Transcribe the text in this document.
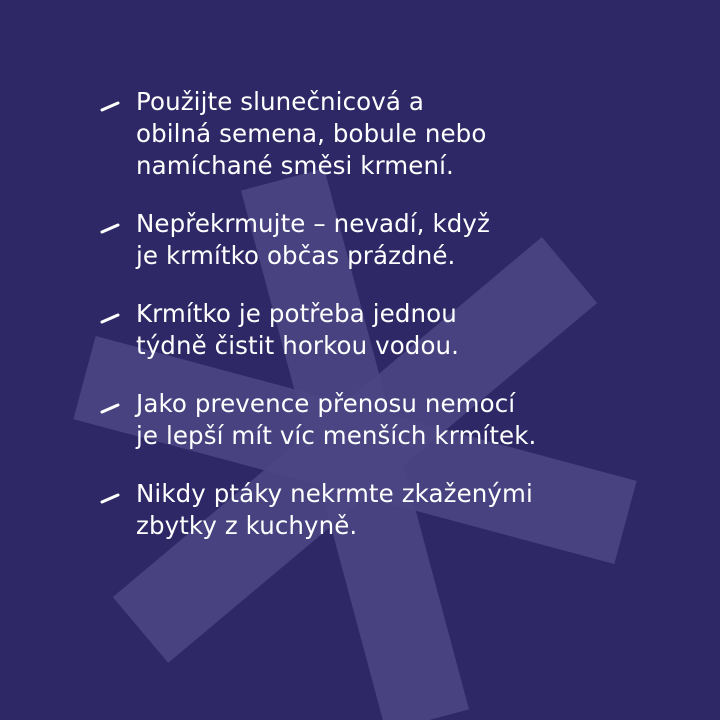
Použijte slunečnicová a
obilná semena, bobule nebo
namíchané směsi krmení.
Nepřekrmujte – nevadí, když
je krmítko občas prázdné.
Krmítko je potřeba jednou
týdně čistit horkou vodou.
Jako prevence přenosu nemocí
je lepší mít víc menších krmítek.
Nikdy ptáky nekrmte zkaženými
zbytky z kuchyně.
